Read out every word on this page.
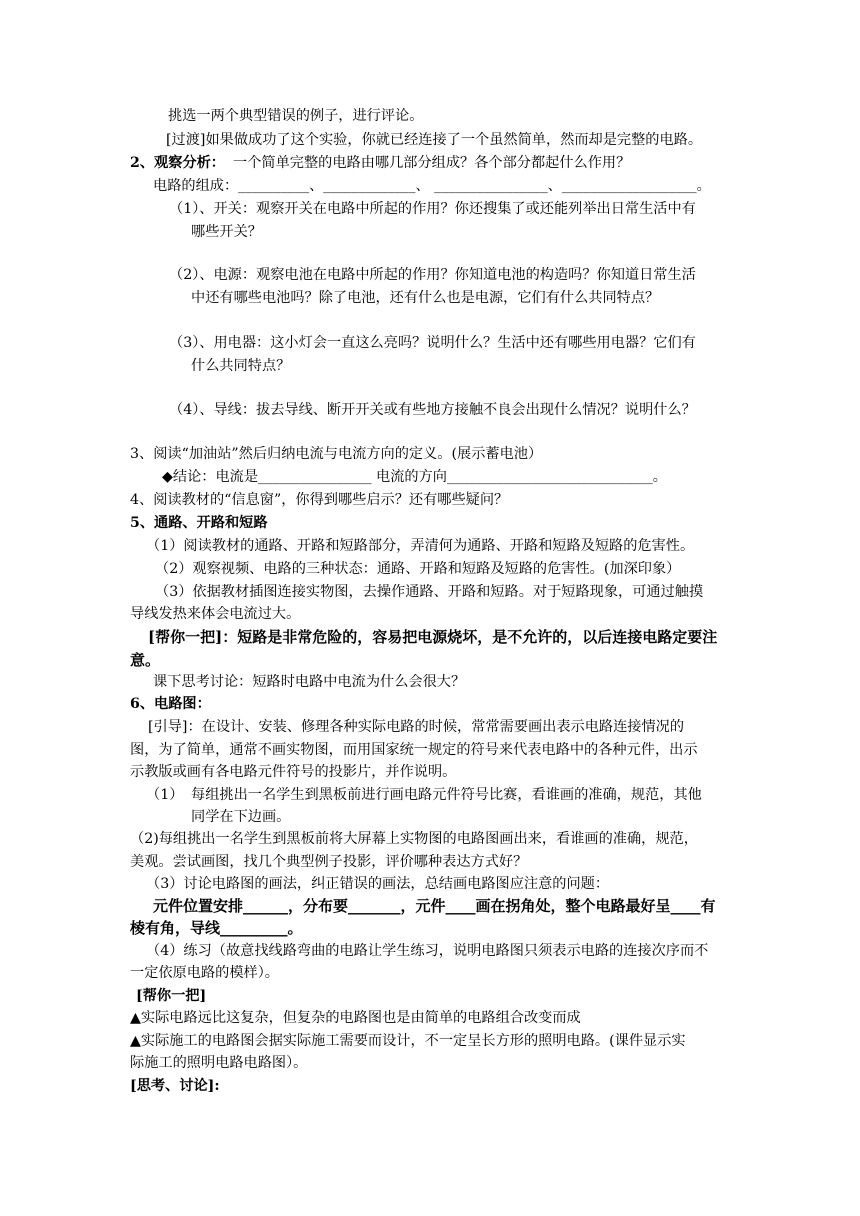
挑选一两个典型错误的例子，进行评论。
[过渡]如果做成功了这个实验，你就已经连接了一个虽然简单，然而却是完整的电路。
2、观察分析： 一个简单完整的电路由哪几部分组成？各个部分都起什么作用？
电路的组成：__________、_____________、 ________________、___________________。
（1）、开关：观察开关在电路中所起的作用？你还搜集了或还能列举出日常生活中有
哪些开关？
（2）、电源：观察电池在电路中所起的作用？你知道电池的构造吗？你知道日常生活
中还有哪些电池吗？除了电池，还有什么也是电源，它们有什么共同特点？
（3）、用电器：这小灯会一直这么亮吗？说明什么？生活中还有哪些用电器？它们有
什么共同特点？
（4）、导线：拔去导线、断开开关或有些地方接触不良会出现什么情况？说明什么？
3、阅读“加油站”然后归纳电流与电流方向的定义。(展示蓄电池）
◆结论：电流是________________ 电流的方向_____________________________。
4、阅读教材的“信息窗”，你得到哪些启示？还有哪些疑问？
5、通路、开路和短路
（1）阅读教材的通路、开路和短路部分，弄清何为通路、开路和短路及短路的危害性。
（2）观察视频、电路的三种状态：通路、开路和短路及短路的危害性。(加深印象）
（3）依据教材插图连接实物图，去操作通路、开路和短路。对于短路现象，可通过触摸
导线发热来体会电流过大。
[帮你一把]：短路是非常危险的，容易把电源烧坏，是不允许的，以后连接电路定要注
意。
课下思考讨论：短路时电路中电流为什么会很大？
6、电路图：
[引导]：在设计、安装、修理各种实际电路的时候，常常需要画出表示电路连接情况的
图，为了简单，通常不画实物图，而用国家统一规定的符号来代表电路中的各种元件，出示
示教版或画有各电路元件符号的投影片，并作说明。
（1） 每组挑出一名学生到黑板前进行画电路元件符号比赛，看谁画的准确，规范，其他
同学在下边画。
（2)每组挑出一名学生到黑板前将大屏幕上实物图的电路图画出来，看谁画的准确，规范，
美观。尝试画图，找几个典型例子投影，评价哪种表达方式好？
（3）讨论电路图的画法，纠正错误的画法，总结画电路图应注意的问题：
元件位置安排______，分布要_______，元件____画在拐角处，整个电路最好呈____有
棱有角，导线_________。
（4）练习（故意找线路弯曲的电路让学生练习，说明电路图只须表示电路的连接次序而不
一定依原电路的模样）。
[帮你一把]
▲实际电路远比这复杂，但复杂的电路图也是由简单的电路组合改变而成
▲实际施工的电路图会据实际施工需要而设计，不一定呈长方形的照明电路。(课件显示实
际施工的照明电路电路图）。
[思考、讨论]:
